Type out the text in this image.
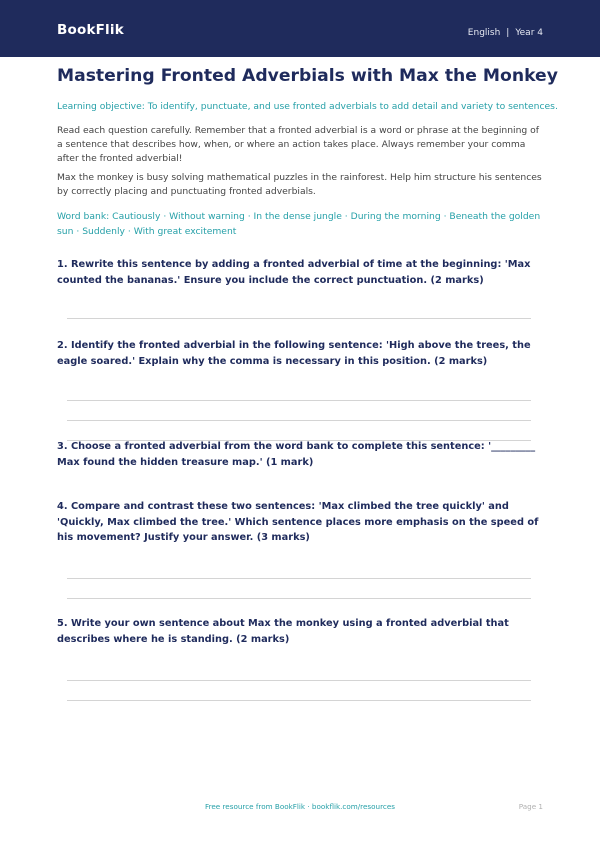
BookFlik	English | Year 4
Mastering Fronted Adverbials with Max the Monkey
Learning objective: To identify, punctuate, and use fronted adverbials to add detail and variety to sentences.
Read each question carefully. Remember that a fronted adverbial is a word or phrase at the beginning of a sentence that describes how, when, or where an action takes place. Always remember your comma after the fronted adverbial!
Max the monkey is busy solving mathematical puzzles in the rainforest. Help him structure his sentences by correctly placing and punctuating fronted adverbials.
Word bank: Cautiously · Without warning · In the dense jungle · During the morning · Beneath the golden sun · Suddenly · With great excitement
1. Rewrite this sentence by adding a fronted adverbial of time at the beginning: 'Max counted the bananas.' Ensure you include the correct punctuation. (2 marks)
2. Identify the fronted adverbial in the following sentence: 'High above the trees, the eagle soared.' Explain why the comma is necessary in this position. (2 marks)
3. Choose a fronted adverbial from the word bank to complete this sentence: '_________ Max found the hidden treasure map.' (1 mark)
4. Compare and contrast these two sentences: 'Max climbed the tree quickly' and 'Quickly, Max climbed the tree.' Which sentence places more emphasis on the speed of his movement? Justify your answer. (3 marks)
5. Write your own sentence about Max the monkey using a fronted adverbial that describes where he is standing. (2 marks)
Free resource from BookFlik · bookflik.com/resources	Page 1
